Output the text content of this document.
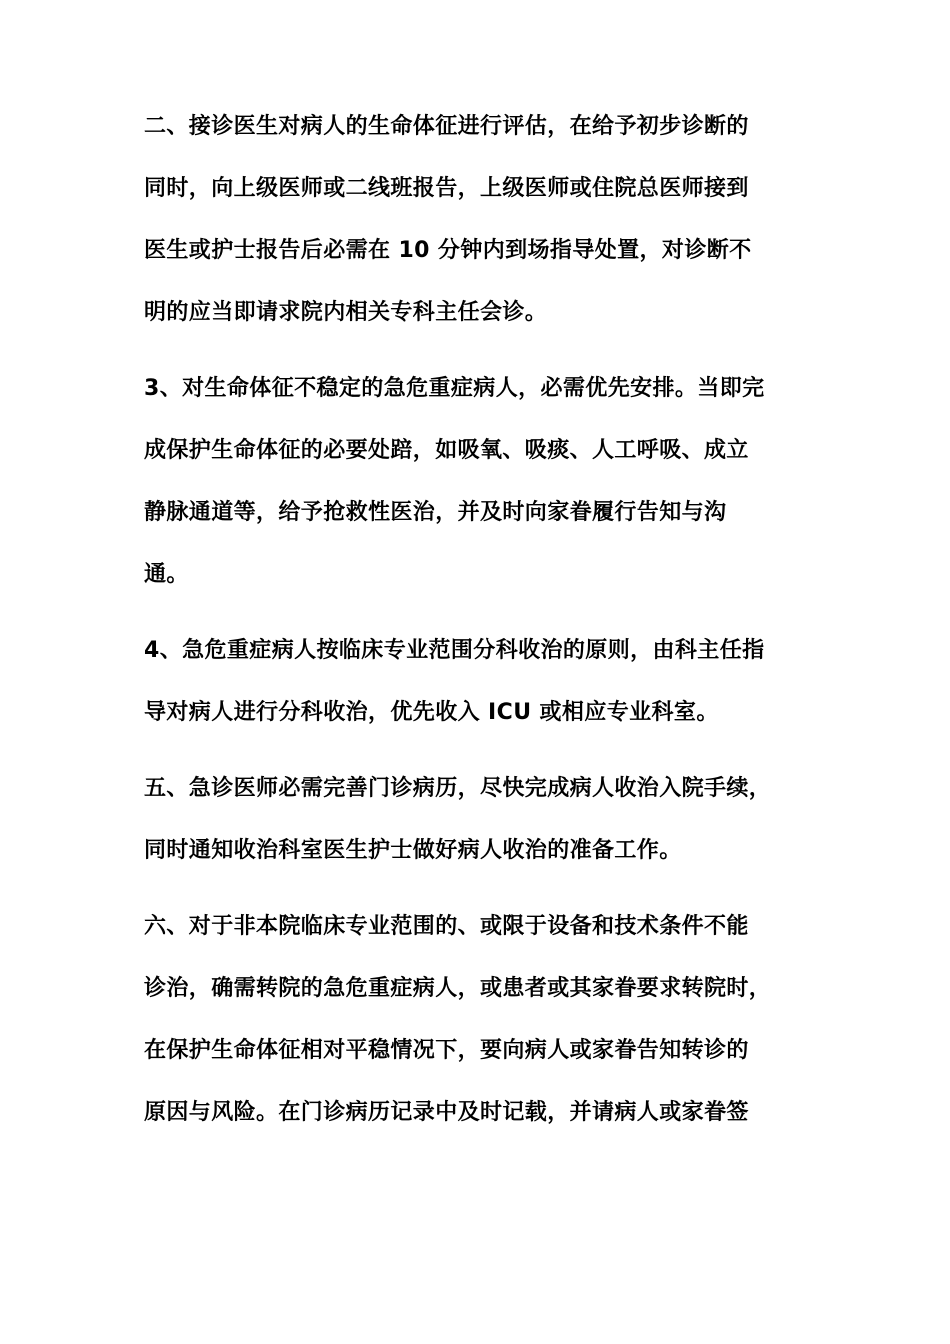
二、接诊医生对病人的生命体征进行评估，在给予初步诊断的
同时，向上级医师或二线班报告，上级医师或住院总医师接到
医生或护士报告后必需在 10 分钟内到场指导处置，对诊断不
明的应当即请求院内相关专科主任会诊。
3、对生命体征不稳定的急危重症病人，必需优先安排。当即完
成保护生命体征的必要处踣，如吸氧、吸痰、人工呼吸、成立
静脉通道等，给予抢救性医治，并及时向家眷履行告知与沟
通。
4、急危重症病人按临床专业范围分科收治的原则，由科主任指
导对病人进行分科收治，优先收入 ICU 或相应专业科室。
五、急诊医师必需完善门诊病历，尽快完成病人收治入院手续，
同时通知收治科室医生护士做好病人收治的准备工作。
六、对于非本院临床专业范围的、或限于设备和技术条件不能
诊治，确需转院的急危重症病人，或患者或其家眷要求转院时，
在保护生命体征相对平稳情况下，要向病人或家眷告知转诊的
原因与风险。在门诊病历记录中及时记载，并请病人或家眷签
